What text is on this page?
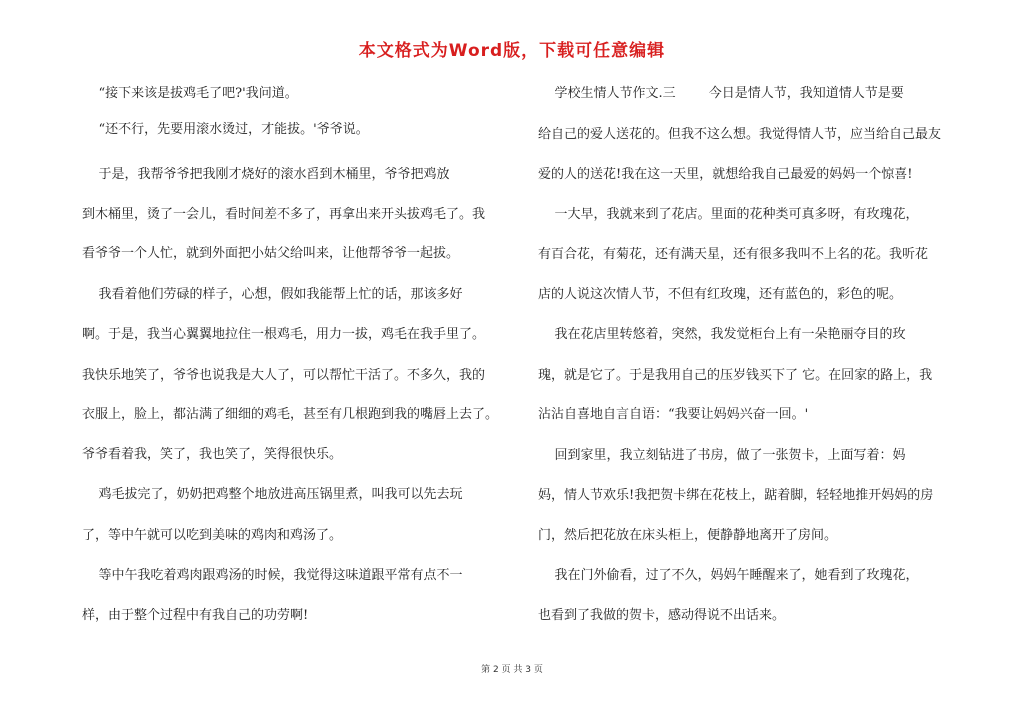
本文格式为Word版，下载可任意编辑
“接下来该是拔鸡毛了吧?'我问道。
“还不行，先要用滚水烫过，才能拔。'爷爷说。
于是，我帮爷爷把我刚才烧好的滚水舀到木桶里，爷爷把鸡放
到木桶里，烫了一会儿，看时间差不多了，再拿出来开头拔鸡毛了。我
看爷爷一个人忙，就到外面把小姑父给叫来，让他帮爷爷一起拔。
我看着他们劳碌的样子，心想，假如我能帮上忙的话，那该多好
啊。于是，我当心翼翼地拉住一根鸡毛，用力一拔，鸡毛在我手里了。
我快乐地笑了，爷爷也说我是大人了，可以帮忙干活了。不多久，我的
衣服上，脸上，都沾满了细细的鸡毛，甚至有几根跑到我的嘴唇上去了。
爷爷看着我，笑了，我也笑了，笑得很快乐。
鸡毛拔完了，奶奶把鸡整个地放进高压锅里煮，叫我可以先去玩
了，等中午就可以吃到美味的鸡肉和鸡汤了。
等中午我吃着鸡肉跟鸡汤的时候，我觉得这味道跟平常有点不一
样，由于整个过程中有我自己的功劳啊!
学校生情人节作文.三        今日是情人节，我知道情人节是要
给自己的爱人送花的。但我不这么想。我觉得情人节，应当给自己最友
爱的人的送花!我在这一天里，就想给我自己最爱的妈妈一个惊喜!
一大早，我就来到了花店。里面的花种类可真多呀，有玫瑰花，
有百合花，有菊花，还有满天星，还有很多我叫不上名的花。我听花
店的人说这次情人节，不但有红玫瑰，还有蓝色的，彩色的呢。
我在花店里转悠着，突然，我发觉柜台上有一朵艳丽夺目的玫
瑰，就是它了。于是我用自己的压岁钱买下了 它。在回家的路上，我
沾沾自喜地自言自语：“我要让妈妈兴奋一回。'
回到家里，我立刻钻进了书房，做了一张贺卡，上面写着：妈
妈，情人节欢乐!我把贺卡绑在花枝上，踮着脚，轻轻地推开妈妈的房
门，然后把花放在床头柜上，便静静地离开了房间。
我在门外偷看，过了不久，妈妈午睡醒来了，她看到了玫瑰花，
也看到了我做的贺卡，感动得说不出话来。
第 2 页 共 3 页
